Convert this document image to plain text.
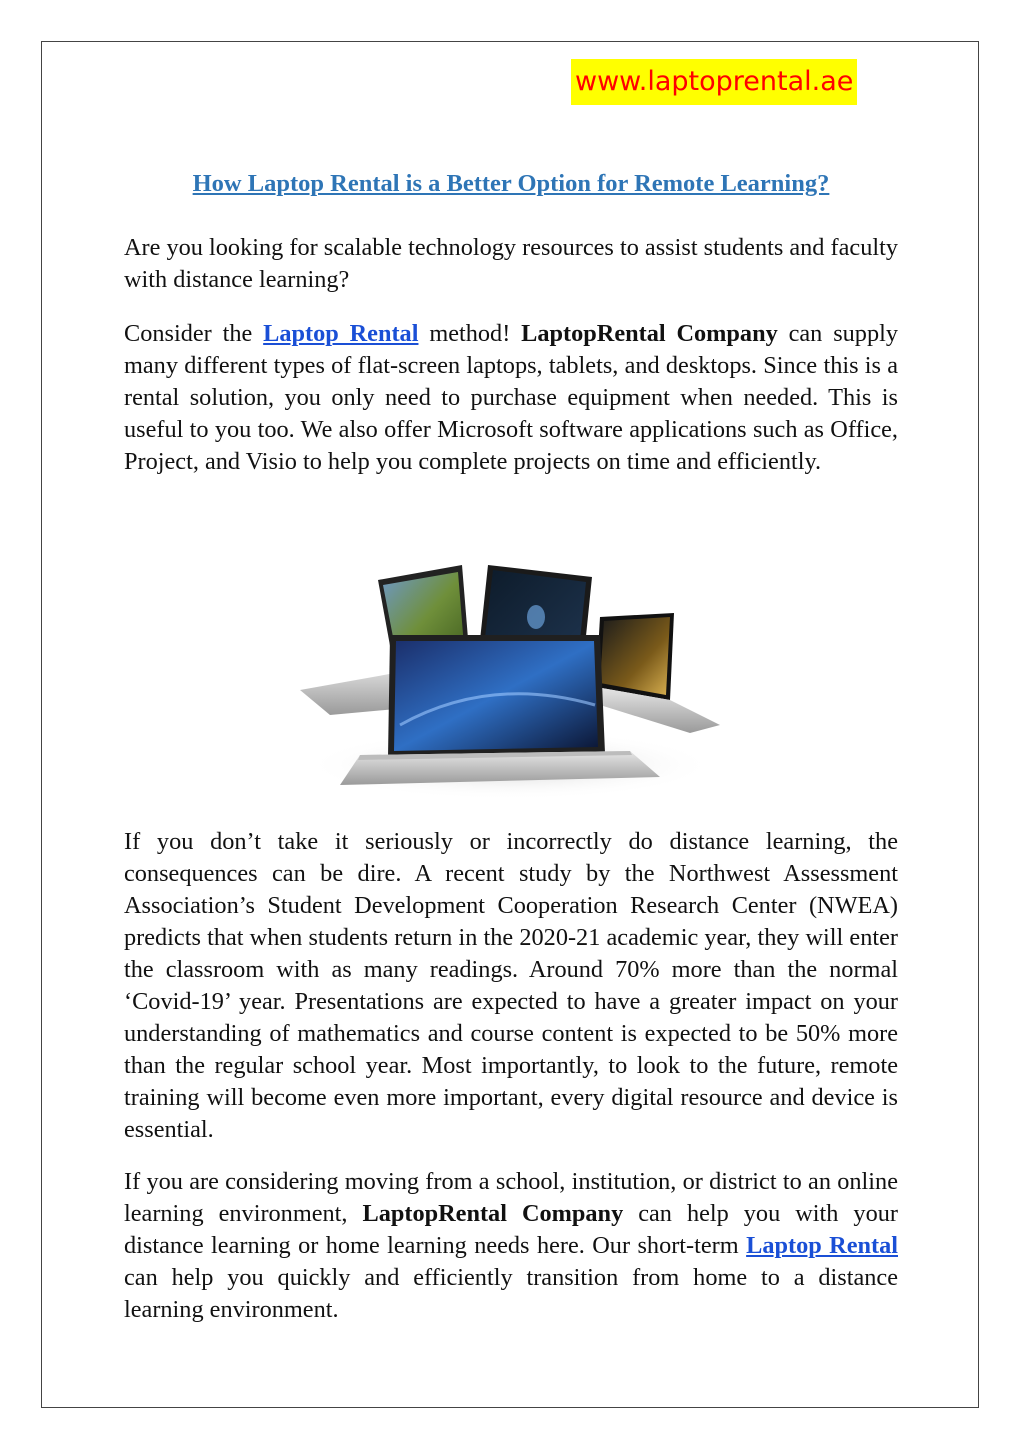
www.laptoprental.ae
How Laptop Rental is a Better Option for Remote Learning?

Are you looking for scalable technology resources to assist students and faculty with distance learning?

Consider the Laptop Rental method! LaptopRental Company can supply many different types of flat-screen laptops, tablets, and desktops. Since this is a rental solution, you only need to purchase equipment when needed. This is useful to you too. We also offer Microsoft software applications such as Office, Project, and Visio to help you complete projects on time and efficiently.

If you don’t take it seriously or incorrectly do distance learning, the consequences can be dire. A recent study by the Northwest Assessment Association’s Student Development Cooperation Research Center (NWEA) predicts that when students return in the 2020-21 academic year, they will enter the classroom with as many readings. Around 70% more than the normal ‘Covid-19’ year. Presentations are expected to have a greater impact on your understanding of mathematics and course content is expected to be 50% more than the regular school year. Most importantly, to look to the future, remote training will become even more important, every digital resource and device is essential.

If you are considering moving from a school, institution, or district to an online learning environment, LaptopRental Company can help you with your distance learning or home learning needs here. Our short-term Laptop Rental can help you quickly and efficiently transition from home to a distance learning environment.
